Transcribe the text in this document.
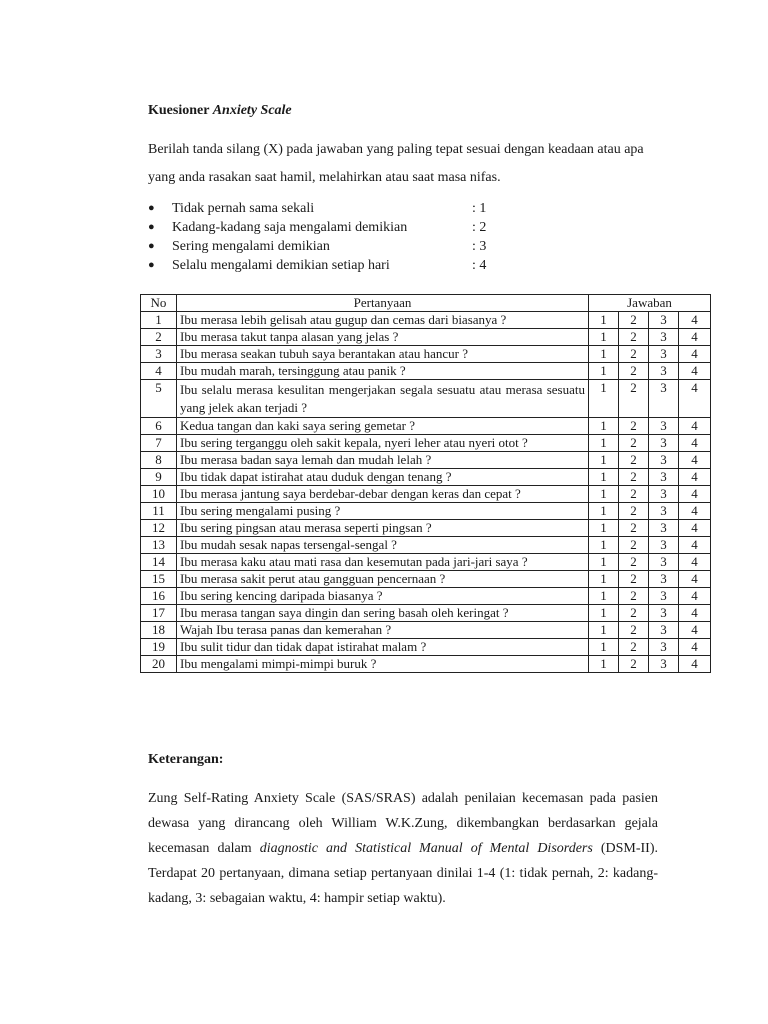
Kuesioner Anxiety Scale
Berilah tanda silang (X) pada jawaban yang paling tepat sesuai dengan keadaan atau apa yang anda rasakan saat hamil, melahirkan atau saat masa nifas.
●	Tidak pernah sama sekali	: 1
●	Kadang-kadang saja mengalami demikian	: 2
●	Sering mengalami demikian	: 3
●	Selalu mengalami demikian setiap hari	: 4
No	Pertanyaan	Jawaban			
1	Ibu merasa lebih gelisah atau gugup dan cemas dari biasanya ?	1	2	3	4
2	Ibu merasa takut tanpa alasan yang jelas ?	1	2	3	4
3	Ibu merasa seakan tubuh saya berantakan atau hancur ?	1	2	3	4
4	Ibu mudah marah, tersinggung atau panik ?	1	2	3	4
5	Ibu selalu merasa kesulitan mengerjakan segala sesuatu atau merasa sesuatu yang jelek akan terjadi ?	1	2	3	4
6	Kedua tangan dan kaki saya sering gemetar ?	1	2	3	4
7	Ibu sering terganggu oleh sakit kepala, nyeri leher atau nyeri otot ?	1	2	3	4
8	Ibu merasa badan saya lemah dan mudah lelah ?	1	2	3	4
9	Ibu tidak dapat istirahat atau duduk dengan tenang ?	1	2	3	4
10	Ibu merasa jantung saya berdebar-debar dengan keras dan cepat ?	1	2	3	4
11	Ibu sering mengalami pusing ?	1	2	3	4
12	Ibu sering pingsan atau merasa seperti pingsan ?	1	2	3	4
13	Ibu mudah sesak napas tersengal-sengal ?	1	2	3	4
14	Ibu merasa kaku atau mati rasa dan kesemutan pada jari-jari saya ?	1	2	3	4
15	Ibu merasa sakit perut atau gangguan pencernaan ?	1	2	3	4
16	Ibu sering kencing daripada biasanya ?	1	2	3	4
17	Ibu merasa tangan saya dingin dan sering basah oleh keringat ?	1	2	3	4
18	Wajah Ibu terasa panas dan kemerahan ?	1	2	3	4
19	Ibu sulit tidur dan tidak dapat istirahat malam ?	1	2	3	4
20	Ibu mengalami mimpi-mimpi buruk ?	1	2	3	4
Keterangan:
Zung Self-Rating Anxiety Scale (SAS/SRAS) adalah penilaian kecemasan pada pasien dewasa yang dirancang oleh William W.K.Zung, dikembangkan berdasarkan gejala kecemasan dalam diagnostic and Statistical Manual of Mental Disorders (DSM-II). Terdapat 20 pertanyaan, dimana setiap pertanyaan dinilai 1-4 (1: tidak pernah, 2: kadang-kadang, 3: sebagaian waktu, 4: hampir setiap waktu).
